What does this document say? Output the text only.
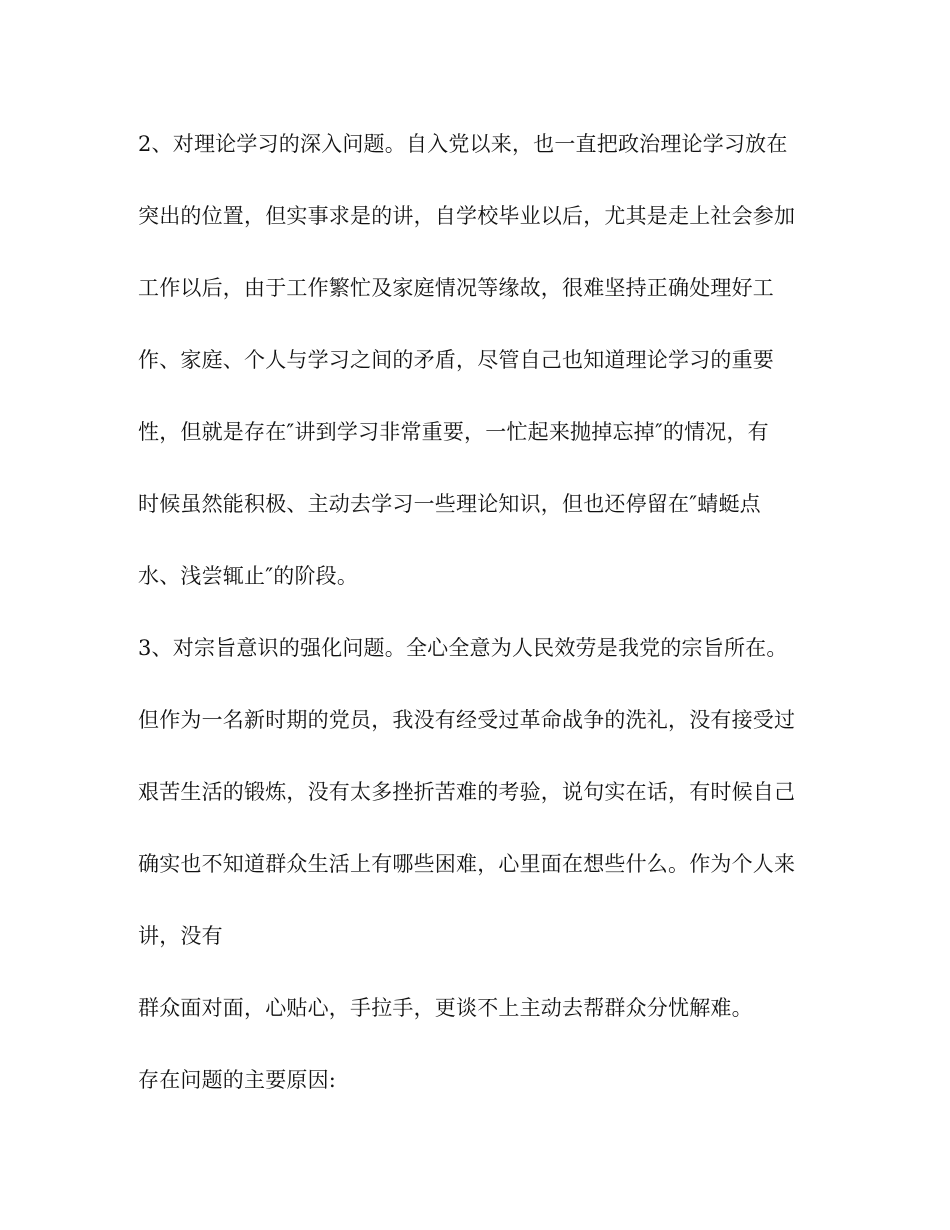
2、对理论学习的深入问题。自入党以来，也一直把政治理论学习放在

突出的位置，但实事求是的讲，自学校毕业以后，尤其是走上社会参加

工作以后，由于工作繁忙及家庭情况等缘故，很难坚持正确处理好工

作、家庭、个人与学习之间的矛盾，尽管自己也知道理论学习的重要

性，但就是存在″讲到学习非常重要，一忙起来抛掉忘掉″的情况，有

时候虽然能积极、主动去学习一些理论知识，但也还停留在″蜻蜓点

水、浅尝辄止″的阶段。

3、对宗旨意识的强化问题。全心全意为人民效劳是我党的宗旨所在。

但作为一名新时期的党员，我没有经受过革命战争的洗礼，没有接受过

艰苦生活的锻炼，没有太多挫折苦难的考验，说句实在话，有时候自己

确实也不知道群众生活上有哪些困难，心里面在想些什么。作为个人来

讲，没有

群众面对面，心贴心，手拉手，更谈不上主动去帮群众分忧解难。

存在问题的主要原因:
